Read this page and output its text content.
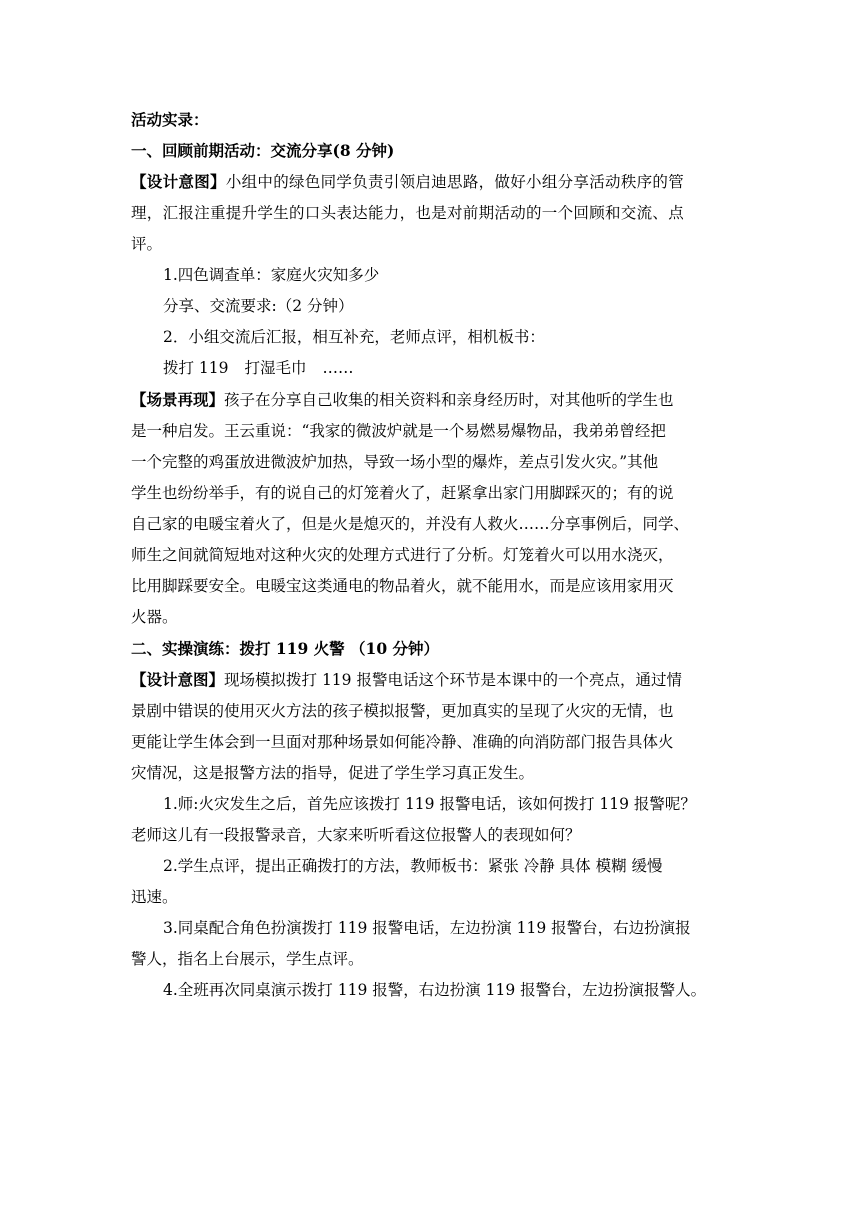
活动实录：

一、回顾前期活动：交流分享(8 分钟)

【设计意图】小组中的绿色同学负责引领启迪思路，做好小组分享活动秩序的管

理，汇报注重提升学生的口头表达能力，也是对前期活动的一个回顾和交流、点

评。

1.四色调查单：家庭火灾知多少

分享、交流要求:（2 分钟）

2．小组交流后汇报，相互补充，老师点评，相机板书：

拨打 119 打湿毛巾 ……

【场景再现】孩子在分享自己收集的相关资料和亲身经历时，对其他听的学生也

是一种启发。王云重说：“我家的微波炉就是一个易燃易爆物品，我弟弟曾经把

一个完整的鸡蛋放进微波炉加热，导致一场小型的爆炸，差点引发火灾。”其他

学生也纷纷举手，有的说自己的灯笼着火了，赶紧拿出家门用脚踩灭的；有的说

自己家的电暖宝着火了，但是火是熄灭的，并没有人救火……分享事例后，同学、

师生之间就简短地对这种火灾的处理方式进行了分析。灯笼着火可以用水浇灭，

比用脚踩要安全。电暖宝这类通电的物品着火，就不能用水，而是应该用家用灭

火器。

二、实操演练：拨打 119 火警 （10 分钟）

【设计意图】现场模拟拨打 119 报警电话这个环节是本课中的一个亮点，通过情

景剧中错误的使用灭火方法的孩子模拟报警，更加真实的呈现了火灾的无情，也

更能让学生体会到一旦面对那种场景如何能冷静、准确的向消防部门报告具体火

灾情况，这是报警方法的指导，促进了学生学习真正发生。

1.师:火灾发生之后，首先应该拨打 119 报警电话，该如何拨打 119 报警呢？

老师这儿有一段报警录音，大家来听听看这位报警人的表现如何？

2.学生点评，提出正确拨打的方法，教师板书：紧张 冷静 具体 模糊 缓慢

迅速。

3.同桌配合角色扮演拨打 119 报警电话，左边扮演 119 报警台，右边扮演报

警人，指名上台展示，学生点评。

4.全班再次同桌演示拨打 119 报警，右边扮演 119 报警台，左边扮演报警人。
